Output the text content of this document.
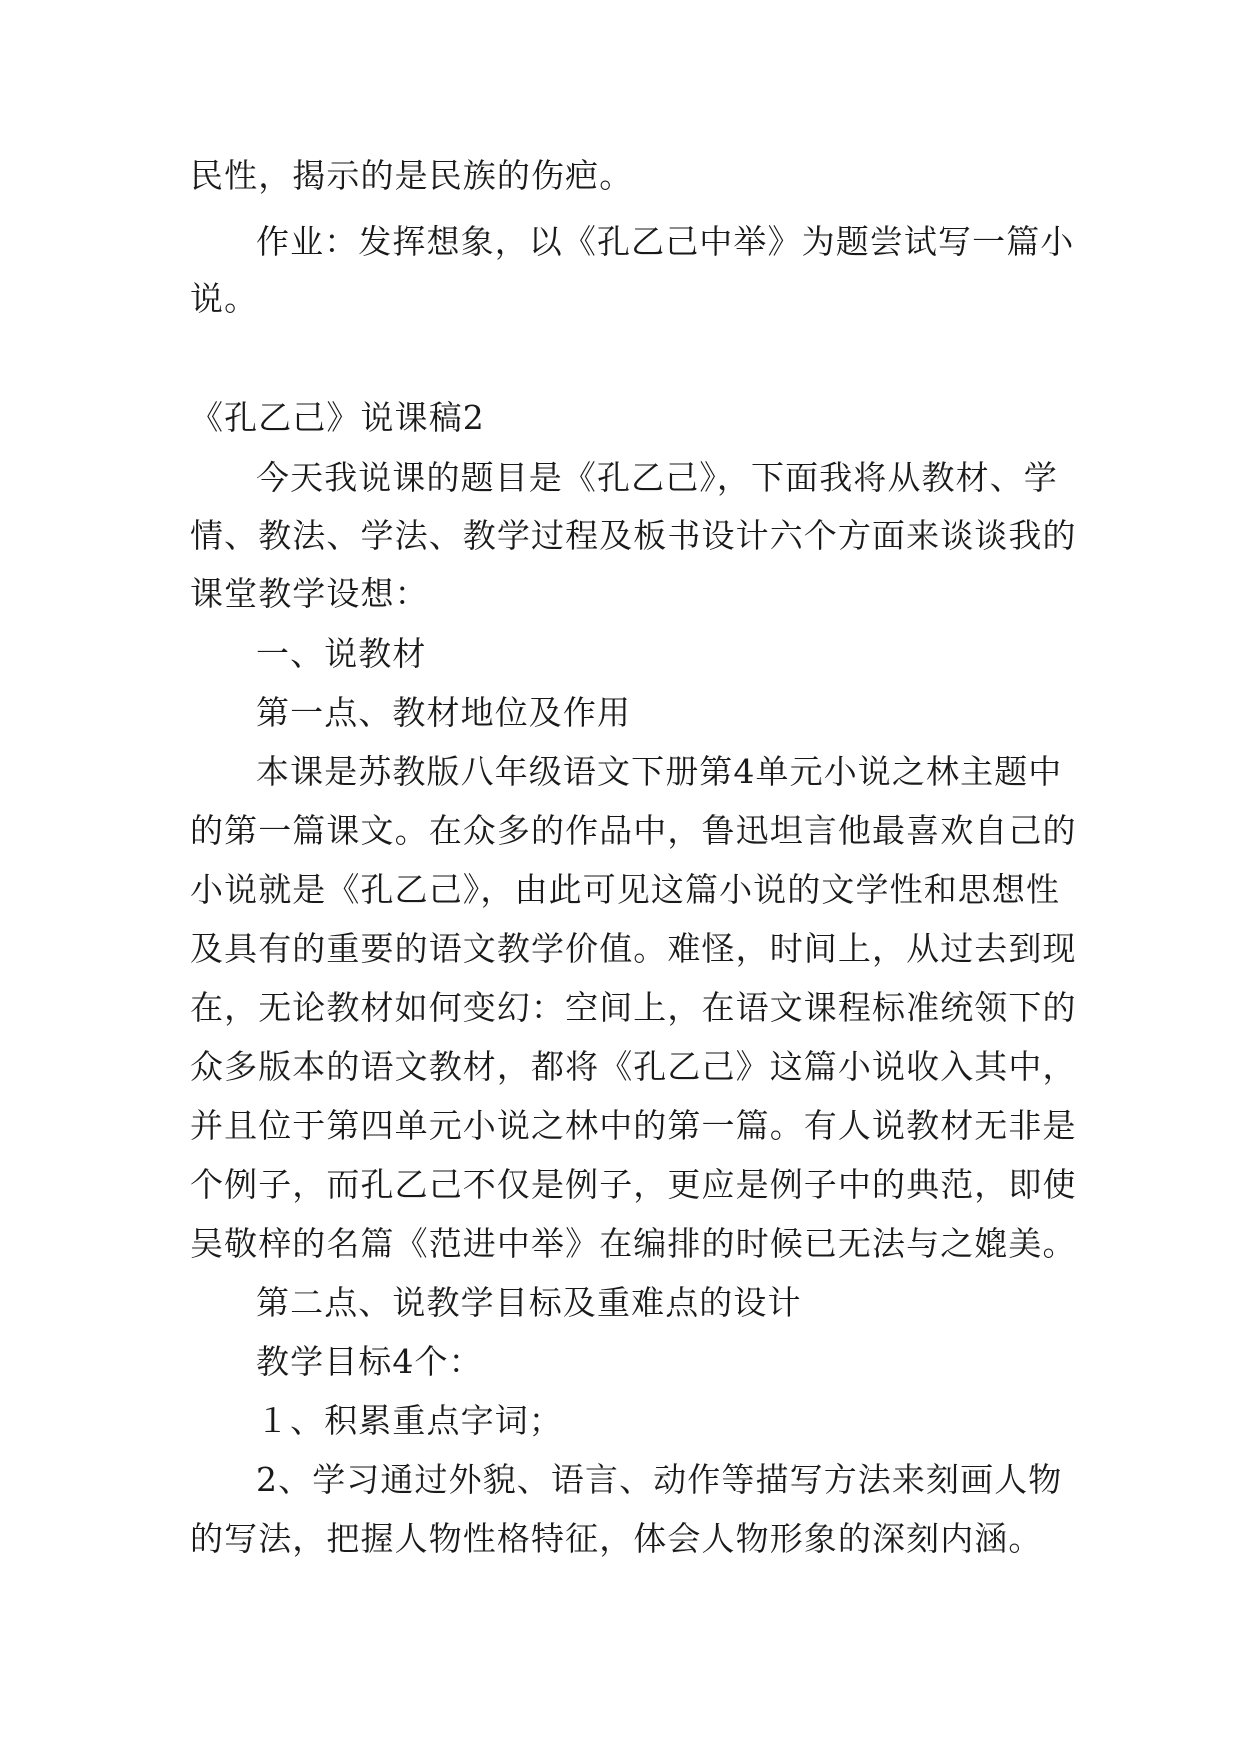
民性，揭示的是民族的伤疤。
作业：发挥想象，以《孔乙己中举》为题尝试写一篇小
说。
《孔乙己》说课稿2
今天我说课的题目是《孔乙己》，下面我将从教材、学
情、教法、学法、教学过程及板书设计六个方面来谈谈我的
课堂教学设想：
一、说教材
第一点、教材地位及作用
本课是苏教版八年级语文下册第4单元小说之林主题中
的第一篇课文。在众多的作品中，鲁迅坦言他最喜欢自己的
小说就是《孔乙己》，由此可见这篇小说的文学性和思想性
及具有的重要的语文教学价值。难怪，时间上，从过去到现
在，无论教材如何变幻：空间上，在语文课程标准统领下的
众多版本的语文教材，都将《孔乙己》这篇小说收入其中，
并且位于第四单元小说之林中的第一篇。有人说教材无非是
个例子，而孔乙己不仅是例子，更应是例子中的典范，即使
吴敬梓的名篇《范进中举》在编排的时候已无法与之媲美。
第二点、说教学目标及重难点的设计
教学目标4个：
１、积累重点字词；
2、学习通过外貌、语言、动作等描写方法来刻画人物
的写法，把握人物性格特征，体会人物形象的深刻内涵。
